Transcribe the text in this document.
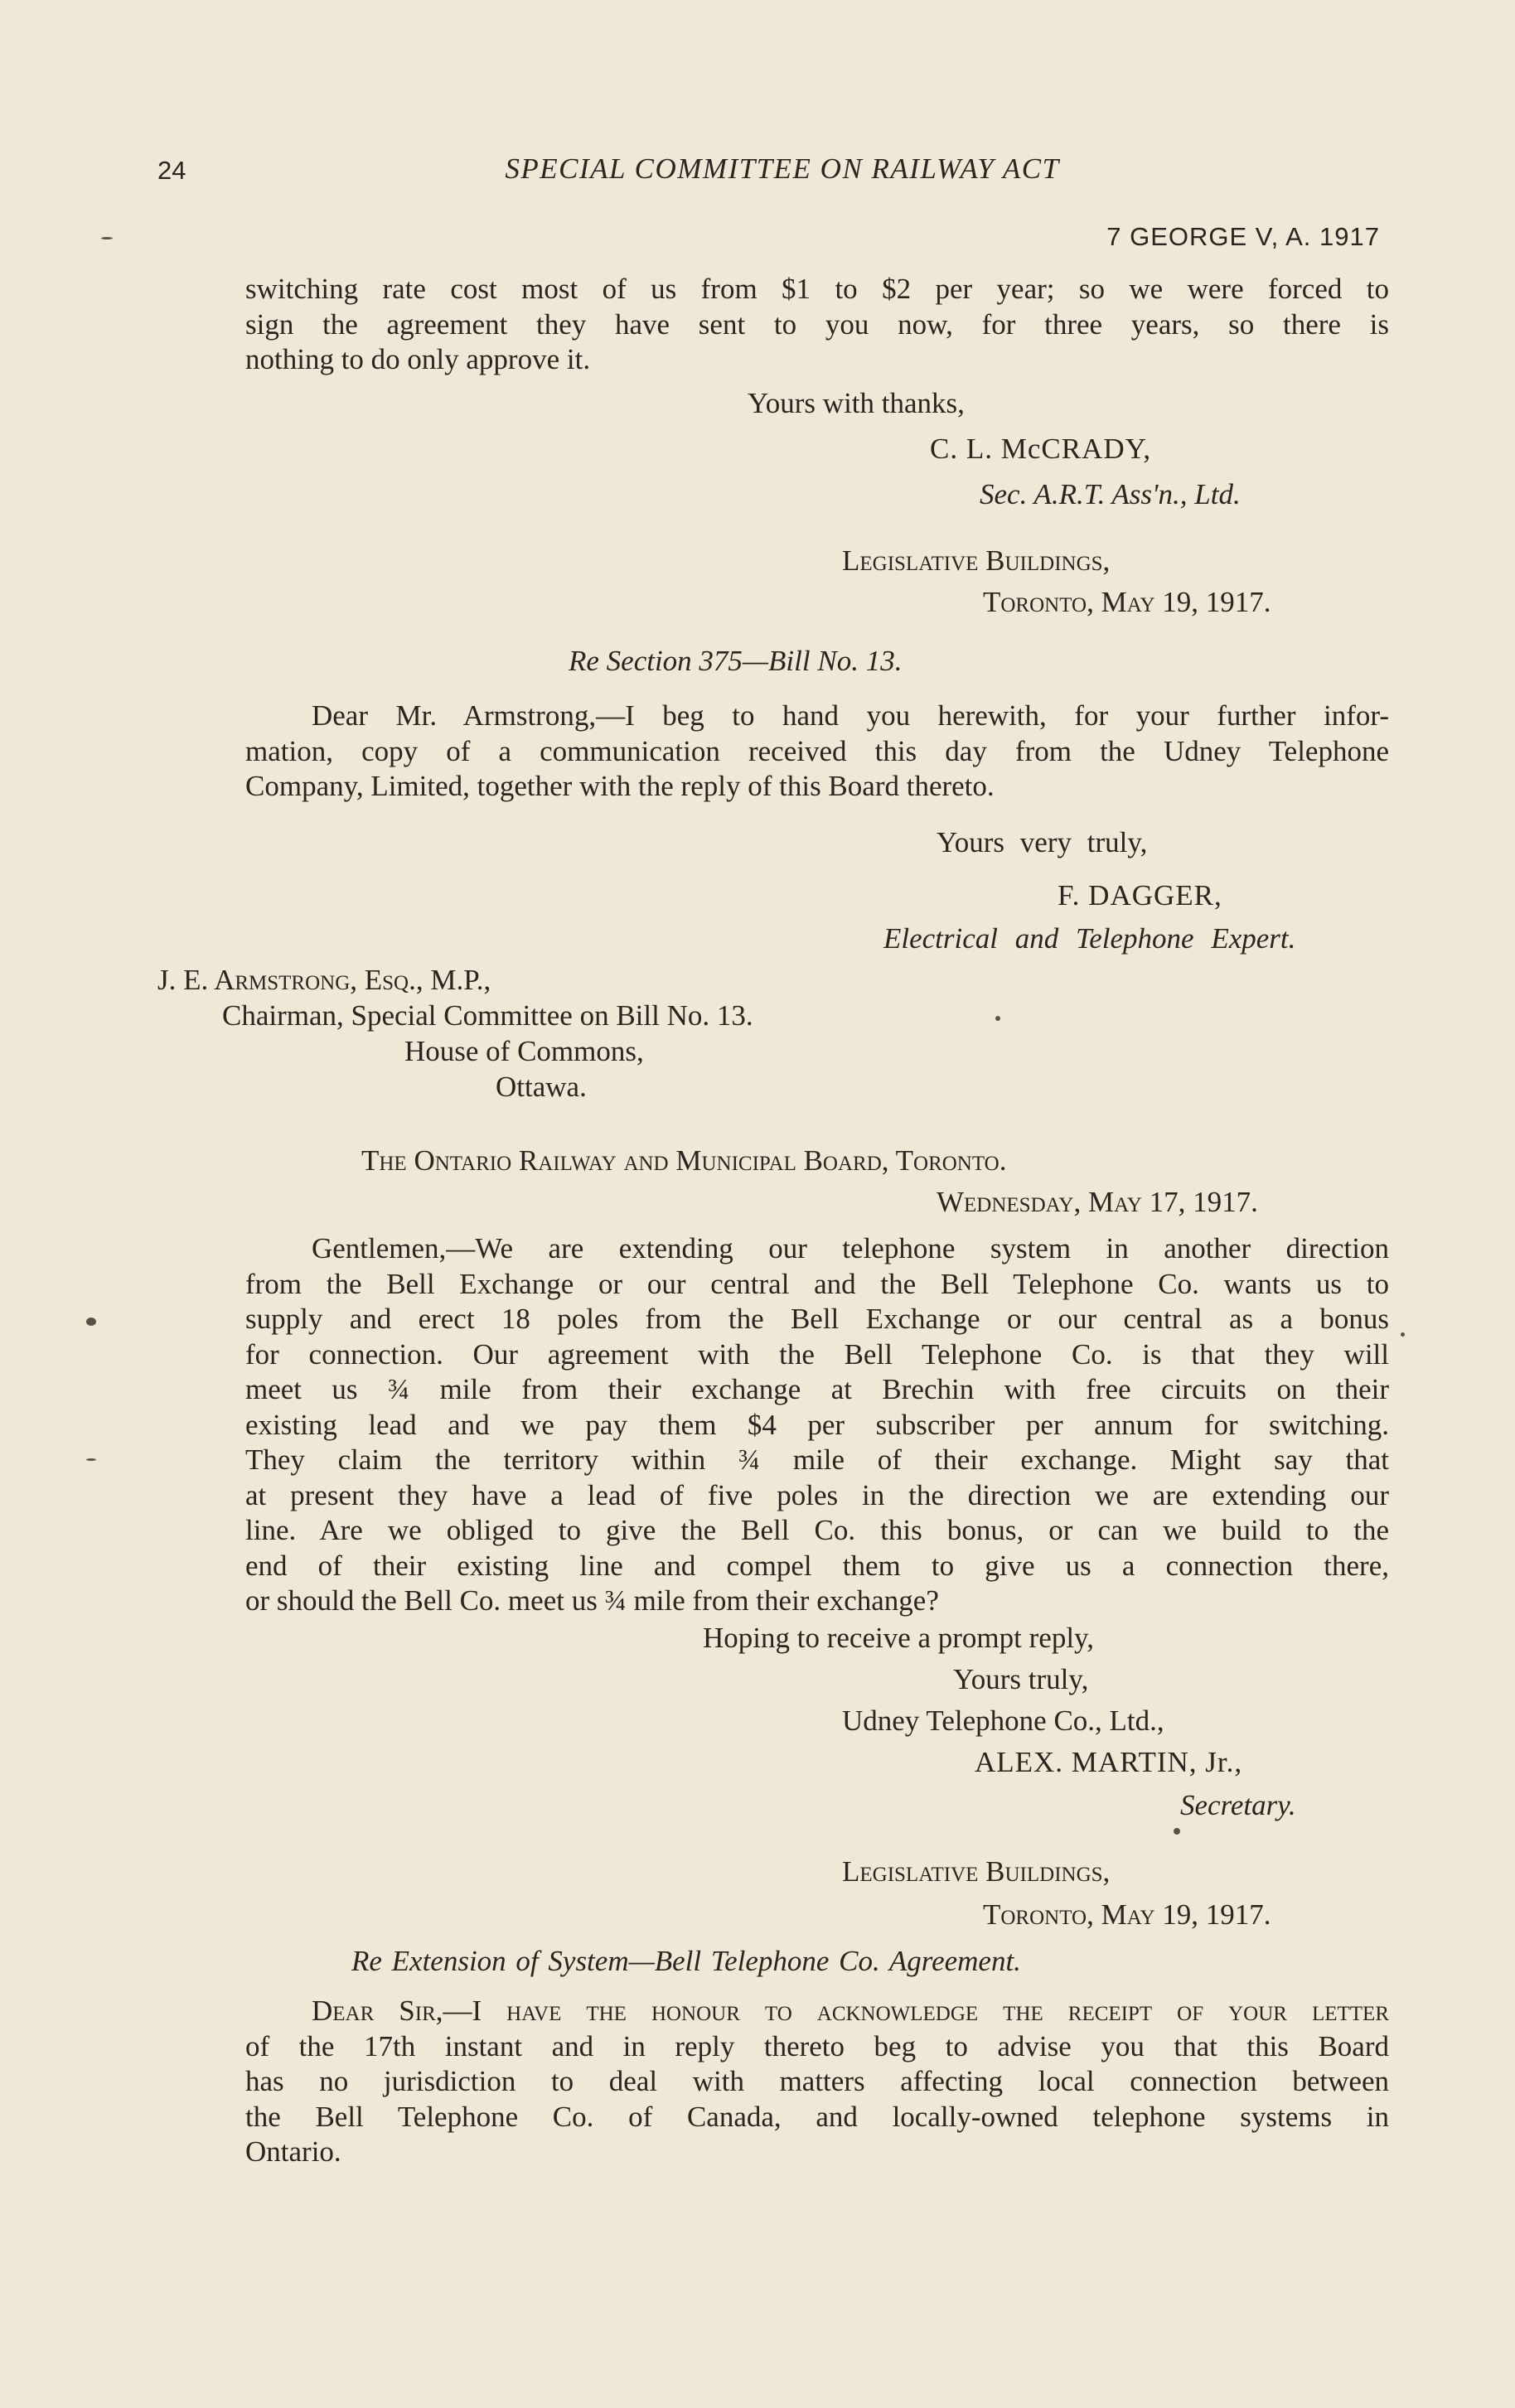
24	SPECIAL COMMITTEE ON RAILWAY ACT
7 GEORGE V, A. 1917
switching rate cost most of us from $1 to $2 per year; so we were forced to
sign the agreement they have sent to you now, for three years, so there is
nothing to do only approve it.
Yours with thanks,
C. L. McCRADY,
Sec. A.R.T. Ass'n., Ltd.
Legislative Buildings,
Toronto, May 19, 1917.
Re Section 375—Bill No. 13.
Dear Mr. Armstrong,—I beg to hand you herewith, for your further infor-
mation, copy of a communication received this day from the Udney Telephone
Company, Limited, together with the reply of this Board thereto.
Yours very truly,
F. DAGGER,
Electrical and Telephone Expert.
J. E. Armstrong, Esq., M.P.,
Chairman, Special Committee on Bill No. 13.
House of Commons,
Ottawa.
The Ontario Railway and Municipal Board, Toronto.
Wednesday, May 17, 1917.
Gentlemen,—We are extending our telephone system in another direction
from the Bell Exchange or our central and the Bell Telephone Co. wants us to
supply and erect 18 poles from the Bell Exchange or our central as a bonus
for connection. Our agreement with the Bell Telephone Co. is that they will
meet us ¾ mile from their exchange at Brechin with free circuits on their
existing lead and we pay them $4 per subscriber per annum for switching.
They claim the territory within ¾ mile of their exchange. Might say that
at present they have a lead of five poles in the direction we are extending our
line. Are we obliged to give the Bell Co. this bonus, or can we build to the
end of their existing line and compel them to give us a connection there,
or should the Bell Co. meet us ¾ mile from their exchange?
Hoping to receive a prompt reply,
Yours truly,
Udney Telephone Co., Ltd.,
ALEX. MARTIN, Jr.,
Secretary.
Legislative Buildings,
Toronto, May 19, 1917.
Re Extension of System—Bell Telephone Co. Agreement.
Dear Sir,—I have the honour to acknowledge the receipt of your letter
of the 17th instant and in reply thereto beg to advise you that this Board
has no jurisdiction to deal with matters affecting local connection between
the Bell Telephone Co. of Canada, and locally-owned telephone systems in
Ontario.
